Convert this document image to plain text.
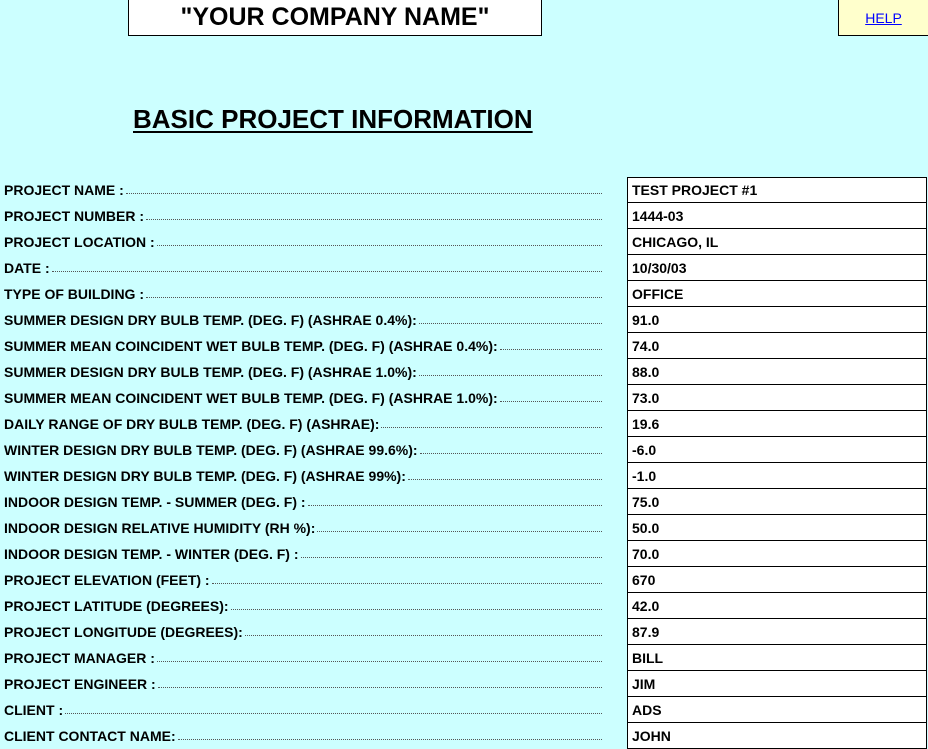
"YOUR COMPANY NAME"	HELP
BASIC PROJECT INFORMATION
PROJECT NAME :	TEST PROJECT #1
PROJECT NUMBER :	1444-03
PROJECT LOCATION :	CHICAGO, IL
DATE :	10/30/03
TYPE OF BUILDING :	OFFICE
SUMMER DESIGN DRY BULB TEMP. (DEG. F) (ASHRAE 0.4%):	91.0
SUMMER MEAN COINCIDENT WET BULB TEMP. (DEG. F) (ASHRAE 0.4%):	74.0
SUMMER DESIGN DRY BULB TEMP. (DEG. F) (ASHRAE 1.0%):	88.0
SUMMER MEAN COINCIDENT WET BULB TEMP. (DEG. F) (ASHRAE 1.0%):	73.0
DAILY RANGE OF DRY BULB TEMP. (DEG. F) (ASHRAE):	19.6
WINTER DESIGN DRY BULB TEMP. (DEG. F) (ASHRAE 99.6%):	-6.0
WINTER DESIGN DRY BULB TEMP. (DEG. F) (ASHRAE 99%):	-1.0
INDOOR DESIGN TEMP. - SUMMER (DEG. F) :	75.0
INDOOR DESIGN RELATIVE HUMIDITY (RH %):	50.0
INDOOR DESIGN TEMP. - WINTER (DEG. F) :	70.0
PROJECT ELEVATION (FEET) :	670
PROJECT LATITUDE (DEGREES):	42.0
PROJECT LONGITUDE (DEGREES):	87.9
PROJECT MANAGER :	BILL
PROJECT ENGINEER :	JIM
CLIENT :	ADS
CLIENT CONTACT NAME:	JOHN
